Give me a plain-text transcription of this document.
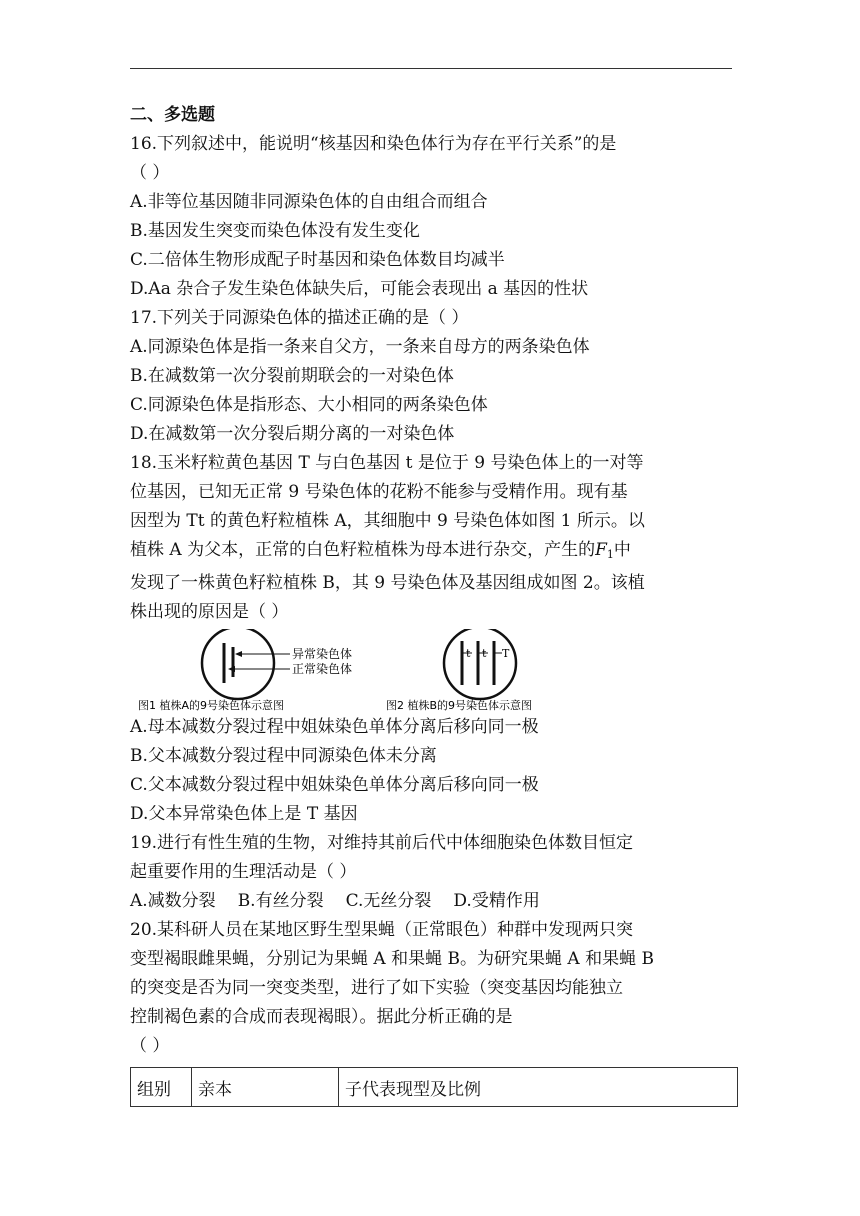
二、多选题
16.下列叙述中，能说明“核基因和染色体行为存在平行关系”的是
（ ）
A.非等位基因随非同源染色体的自由组合而组合
B.基因发生突变而染色体没有发生变化
C.二倍体生物形成配子时基因和染色体数目均减半
D.Aa 杂合子发生染色体缺失后，可能会表现出 a 基因的性状
17.下列关于同源染色体的描述正确的是（ ）
A.同源染色体是指一条来自父方，一条来自母方的两条染色体
B.在减数第一次分裂前期联会的一对染色体
C.同源染色体是指形态、大小相同的两条染色体
D.在减数第一次分裂后期分离的一对染色体
18.玉米籽粒黄色基因 T 与白色基因 t 是位于 9 号染色体上的一对等
位基因，已知无正常 9 号染色体的花粉不能参与受精作用。现有基
因型为 Tt 的黄色籽粒植株 A，其细胞中 9 号染色体如图 1 所示。以
植株 A 为父本，正常的白色籽粒植株为母本进行杂交，产生的$F_1$中
发现了一株黄色籽粒植株 B，其 9 号染色体及基因组成如图 2。该植
株出现的原因是（ ）
异常染色体
正常染色体
t t T
图1 植株A的9号染色体示意图	图2 植株B的9号染色体示意图
A.母本减数分裂过程中姐妹染色单体分离后移向同一极
B.父本减数分裂过程中同源染色体未分离
C.父本减数分裂过程中姐妹染色单体分离后移向同一极
D.父本异常染色体上是 T 基因
19.进行有性生殖的生物，对维持其前后代中体细胞染色体数目恒定
起重要作用的生理活动是（ ）
A.减数分裂 B.有丝分裂 C.无丝分裂 D.受精作用
20.某科研人员在某地区野生型果蝇（正常眼色）种群中发现两只突
变型褐眼雌果蝇，分别记为果蝇 A 和果蝇 B。为研究果蝇 A 和果蝇 B
的突变是否为同一突变类型，进行了如下实验（突变基因均能独立
控制褐色素的合成而表现褐眼）。据此分析正确的是
（ ）
组别	亲本	子代表现型及比例
